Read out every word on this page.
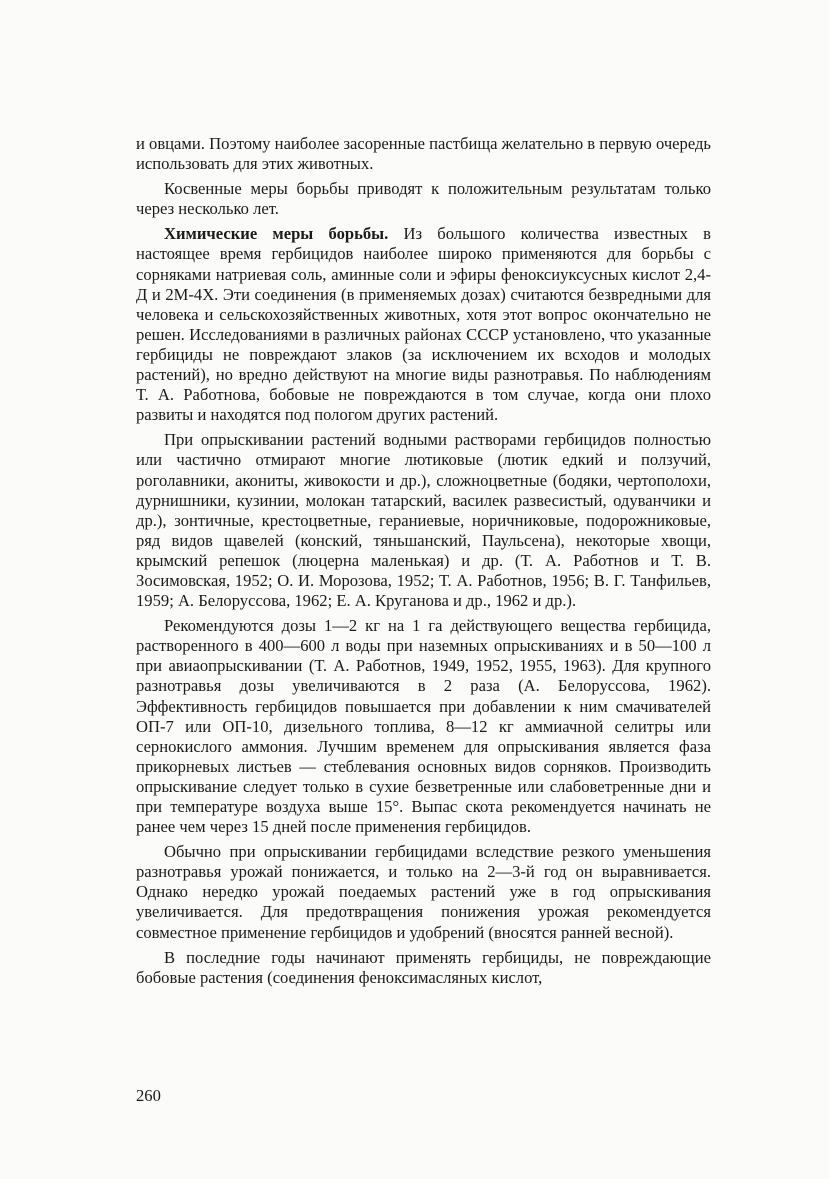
и овцами. Поэтому наиболее засоренные пастбища желательно в первую очередь использовать для этих животных.

Косвенные меры борьбы приводят к положительным результатам только через несколько лет.

Химические меры борьбы. Из большого количества известных в настоящее время гербицидов наиболее широко применяются для борьбы с сорняками натриевая соль, аминные соли и эфиры феноксиуксусных кислот 2,4-Д и 2М-4Х. Эти соединения (в применяемых дозах) считаются безвредными для человека и сельскохозяйственных животных, хотя этот вопрос окончательно не решен. Исследованиями в различных районах СССР установлено, что указанные гербициды не повреждают злаков (за исключением их всходов и молодых растений), но вредно действуют на многие виды разнотравья. По наблюдениям Т. А. Работнова, бобовые не повреждаются в том случае, когда они плохо развиты и находятся под пологом других растений.

При опрыскивании растений водными растворами гербицидов полностью или частично отмирают многие лютиковые (лютик едкий и ползучий, роголавники, акониты, живокости и др.), сложноцветные (бодяки, чертополохи, дурнишники, кузинии, молокан татарский, василек развесистый, одуванчики и др.), зонтичные, крестоцветные, гераниевые, норичниковые, подорожниковые, ряд видов щавелей (конский, тяньшанский, Паульсена), некоторые хвощи, крымский репешок (люцерна маленькая) и др. (Т. А. Работнов и Т. В. Зосимовская, 1952; О. И. Морозова, 1952; Т. А. Работнов, 1956; В. Г. Танфильев, 1959; А. Белоруссова, 1962; Е. А. Круганова и др., 1962 и др.).

Рекомендуются дозы 1—2 кг на 1 га действующего вещества гербицида, растворенного в 400—600 л воды при наземных опрыскиваниях и в 50—100 л при авиаопрыскивании (Т. А. Работнов, 1949, 1952, 1955, 1963). Для крупного разнотравья дозы увеличиваются в 2 раза (А. Белоруссова, 1962). Эффективность гербицидов повышается при добавлении к ним смачивателей ОП-7 или ОП-10, дизельного топлива, 8—12 кг аммиачной селитры или сернокислого аммония. Лучшим временем для опрыскивания является фаза прикорневых листьев — стеблевания основных видов сорняков. Производить опрыскивание следует только в сухие безветренные или слабоветренные дни и при температуре воздуха выше 15°. Выпас скота рекомендуется начинать не ранее чем через 15 дней после применения гербицидов.

Обычно при опрыскивании гербицидами вследствие резкого уменьшения разнотравья урожай понижается, и только на 2—3-й год он выравнивается. Однако нередко урожай поедаемых растений уже в год опрыскивания увеличивается. Для предотвращения понижения урожая рекомендуется совместное применение гербицидов и удобрений (вносятся ранней весной).

В последние годы начинают применять гербициды, не повреждающие бобовые растения (соединения феноксимасляных кислот,

260
